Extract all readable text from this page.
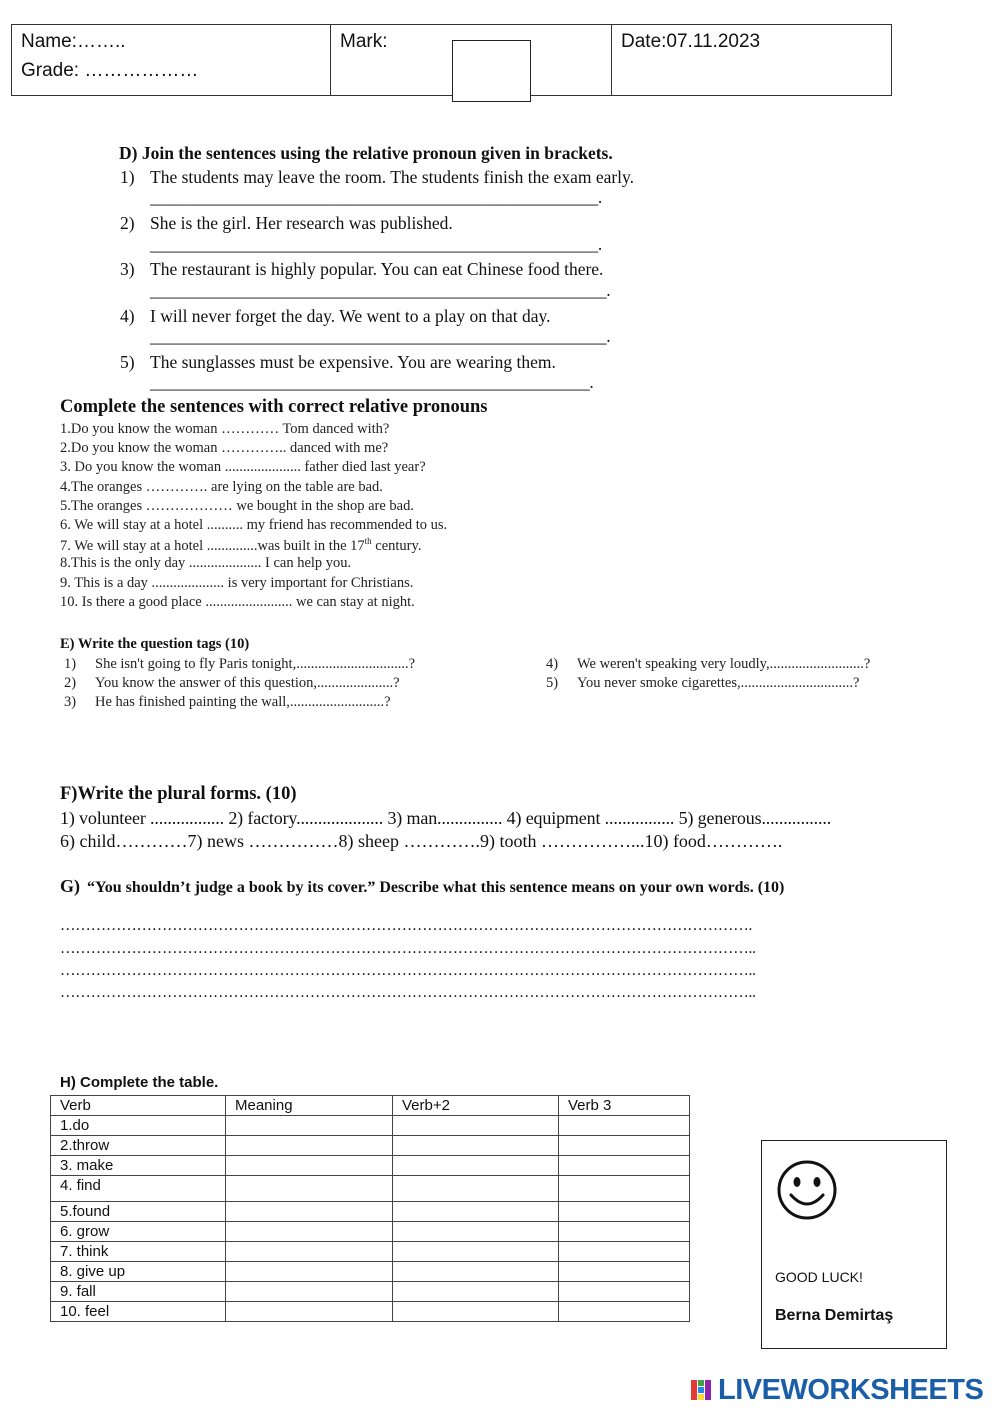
Name:……..
Grade: ………………
Mark:	Date:07.11.2023
D) Join the sentences using the relative pronoun given in brackets.
1) The students may leave the room. The students finish the exam early.
_____________________________________________________.
2) She is the girl. Her research was published.
_____________________________________________________.
3) The restaurant is highly popular. You can eat Chinese food there.
______________________________________________________.
4) I will never forget the day. We went to a play on that day.
______________________________________________________.
5) The sunglasses must be expensive. You are wearing them.
____________________________________________________.
Complete the sentences with correct relative pronouns
1.Do you know the woman ………… Tom danced with?
2.Do you know the woman ………….. danced with me?
3. Do you know the woman ..................... father died last year?
4.The oranges …………. are lying on the table are bad.
5.The oranges ……………… we bought in the shop are bad.
6. We will stay at a hotel .......... my friend has recommended to us.
7. We will stay at a hotel ..............was built in the 17th century.
8.This is the only day .................... I can help you.
9. This is a day .................... is very important for Christians.
10. Is there a good place ........................ we can stay at night.
E) Write the question tags (10)
1) She isn't going to fly Paris tonight,...............................?
2) You know the answer of this question,.....................?
3) He has finished painting the wall,..........................?
4) We weren't speaking very loudly,..........................?
5) You never smoke cigarettes,...............................?
F)Write the plural forms. (10)
1) volunteer ................. 2) factory.................... 3) man............... 4) equipment ................ 5) generous................
6) child…………7) news ……………8) sheep ………….9) tooth ……………...10) food………….
G) “You shouldn’t judge a book by its cover.” Describe what this sentence means on your own words. (10)
……………………………………………………………………………………………………………………….
………………………………………………………………………………………………………………………..
………………………………………………………………………………………………………………………..
………………………………………………………………………………………………………………………..
H) Complete the table.
Verb	Meaning	Verb+2	Verb 3
1.do			
2.throw			
3. make			
4. find			
5.found			
6. grow			
7. think			
8. give up			
9. fall			
10. feel			
GOOD LUCK!
Berna Demirtaş
LIVEWORKSHEETS
